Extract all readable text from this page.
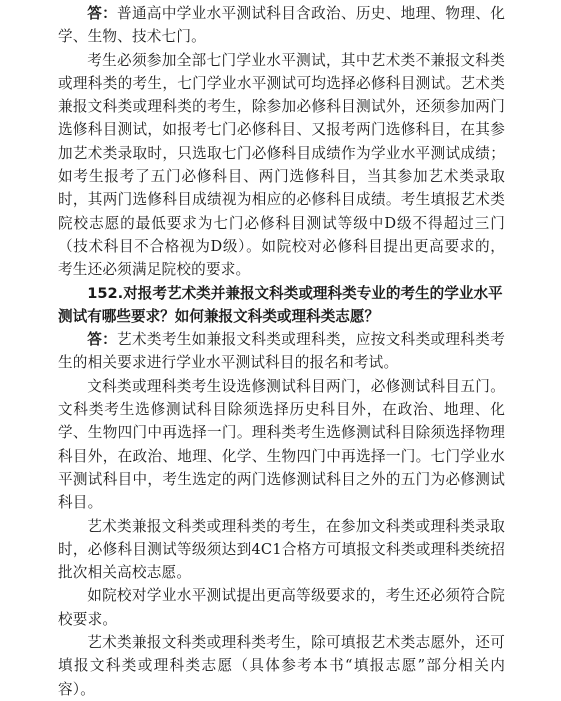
答：普通高中学业水平测试科目含政治、历史、地理、物理、化学、生物、技术七门。

考生必须参加全部七门学业水平测试，其中艺术类不兼报文科类或理科类的考生，七门学业水平测试可均选择必修科目测试。艺术类兼报文科类或理科类的考生，除参加必修科目测试外，还须参加两门选修科目测试，如报考七门必修科目、又报考两门选修科目，在其参加艺术类录取时，只选取七门必修科目成绩作为学业水平测试成绩；如考生报考了五门必修科目、两门选修科目，当其参加艺术类录取时，其两门选修科目成绩视为相应的必修科目成绩。考生填报艺术类院校志愿的最低要求为七门必修科目测试等级中D级不得超过三门（技术科目不合格视为D级）。如院校对必修科目提出更高要求的，考生还必须满足院校的要求。

152.对报考艺术类并兼报文科类或理科类专业的考生的学业水平测试有哪些要求？如何兼报文科类或理科类志愿？

答：艺术类考生如兼报文科类或理科类，应按文科类或理科类考生的相关要求进行学业水平测试科目的报名和考试。

文科类或理科类考生设选修测试科目两门，必修测试科目五门。文科类考生选修测试科目除须选择历史科目外，在政治、地理、化学、生物四门中再选择一门。理科类考生选修测试科目除须选择物理科目外，在政治、地理、化学、生物四门中再选择一门。七门学业水平测试科目中，考生选定的两门选修测试科目之外的五门为必修测试科目。

艺术类兼报文科类或理科类的考生，在参加文科类或理科类录取时，必修科目测试等级须达到4C1合格方可填报文科类或理科类统招批次相关高校志愿。

如院校对学业水平测试提出更高等级要求的，考生还必须符合院校要求。

艺术类兼报文科类或理科类考生，除可填报艺术类志愿外，还可填报文科类或理科类志愿（具体参考本书“填报志愿”部分相关内容）。
